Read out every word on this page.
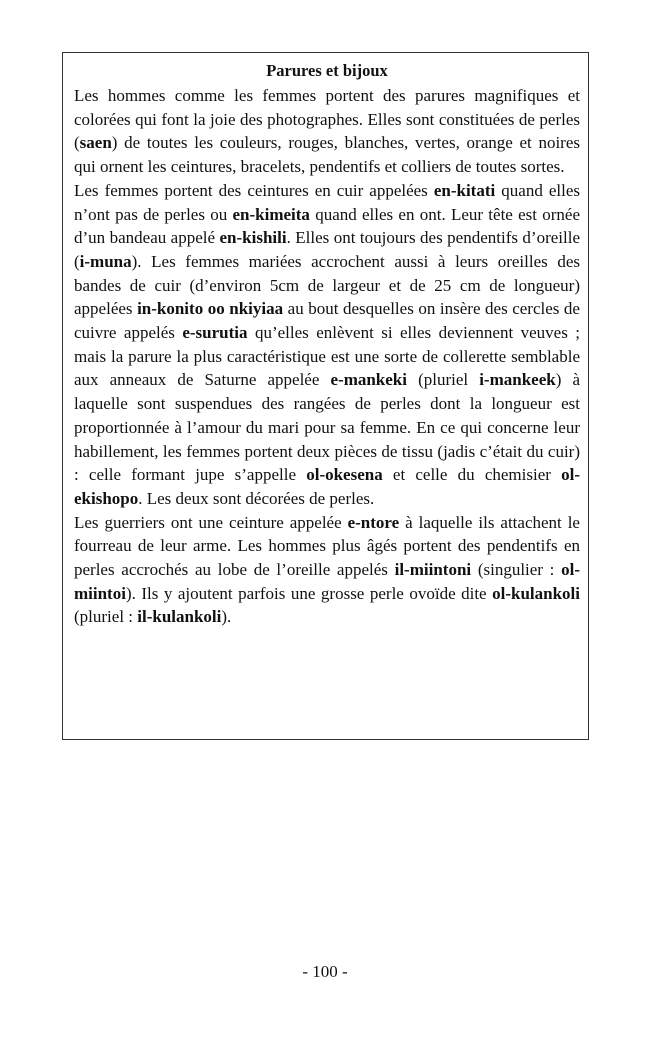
Parures et bijoux

Les hommes comme les femmes portent des parures magnifiques et colorées qui font la joie des photographes. Elles sont constituées de perles (saen) de toutes les couleurs, rouges, blanches, vertes, orange et noires qui ornent les ceintures, bracelets, pendentifs et colliers de toutes sortes.

Les femmes portent des ceintures en cuir appelées en-kitati quand elles n’ont pas de perles ou en-kimeita quand elles en ont. Leur tête est ornée d’un bandeau appelé en-kishili. Elles ont toujours des pendentifs d’oreille (i-muna). Les femmes mariées accrochent aussi à leurs oreilles des bandes de cuir (d’environ 5cm de largeur et de 25 cm de longueur) appelées in-konito oo nkiyiaa au bout desquelles on insère des cercles de cuivre appelés e-surutia qu’elles enlèvent si elles deviennent veuves ; mais la parure la plus caractéristique est une sorte de collerette semblable aux anneaux de Saturne appelée e-mankeki (pluriel i-mankeek) à laquelle sont suspendues des rangées de perles dont la longueur est proportionnée à l’amour du mari pour sa femme. En ce qui concerne leur habillement, les femmes portent deux pièces de tissu (jadis c’était du cuir) : celle formant jupe s’appelle ol-okesena et celle du chemisier ol-ekishopo. Les deux sont décorées de perles.

Les guerriers ont une ceinture appelée e-ntore à laquelle ils attachent le fourreau de leur arme. Les hommes plus âgés portent des pendentifs en perles accrochés au lobe de l’oreille appelés il-miintoni (singulier : ol-miintoi). Ils y ajoutent parfois une grosse perle ovoïde dite ol-kulankoli (pluriel : il-kulankoli).

- 100 -
